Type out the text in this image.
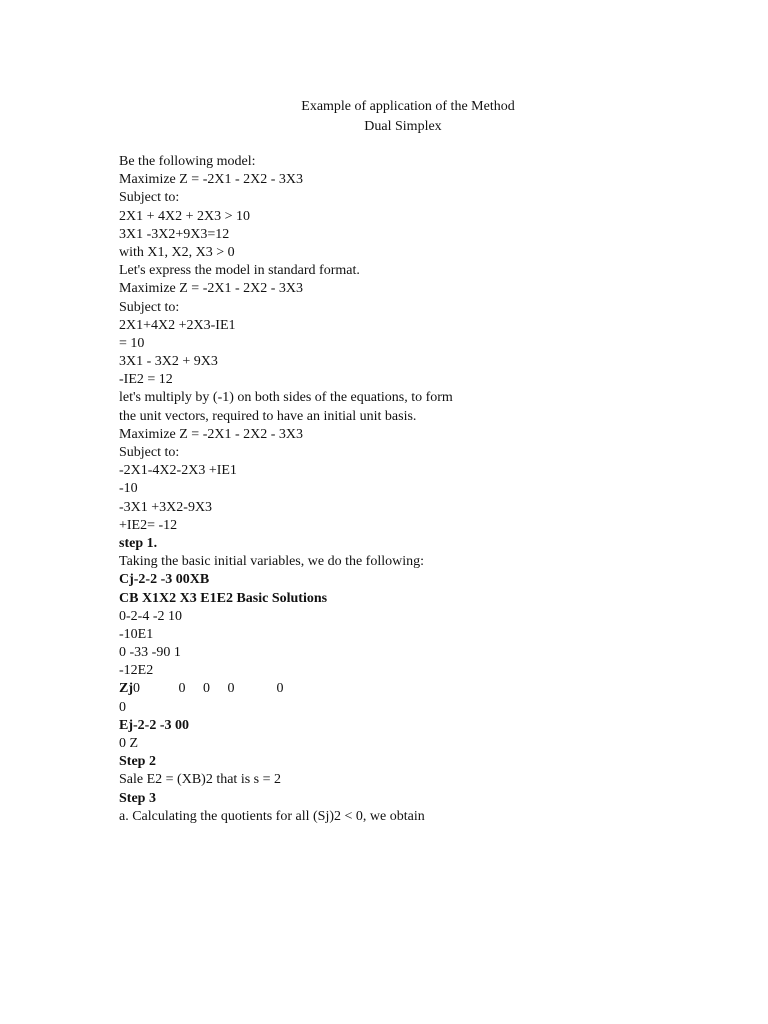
Example of application of the Method
Dual Simplex
Be the following model:
Maximize Z = -2X1 - 2X2 - 3X3
Subject to:
2X1 + 4X2 + 2X3 > 10
3X1 -3X2+9X3=12
with X1, X2, X3 > 0
Let's express the model in standard format.
Maximize Z = -2X1 - 2X2 - 3X3
Subject to:
2X1+4X2 +2X3-IE1
= 10
3X1 - 3X2 + 9X3
-IE2 = 12
let's multiply by (-1) on both sides of the equations, to form
the unit vectors, required to have an initial unit basis.
Maximize Z = -2X1 - 2X2 - 3X3
Subject to:
-2X1-4X2-2X3 +IE1
-10
-3X1 +3X2-9X3
+IE2= -12
step 1.
Taking the basic initial variables, we do the following:
Cj-2-2 -3 00XB
CB X1X2 X3 E1E2 Basic Solutions
0-2-4 -2 10
-10E1
0 -33 -90 1
-12E2
Zj0           0     0     0            0
0
Ej-2-2 -3 00
0 Z
Step 2
Sale E2 = (XB)2 that is s = 2
Step 3
a. Calculating the quotients for all (Sj)2 < 0, we obtain
